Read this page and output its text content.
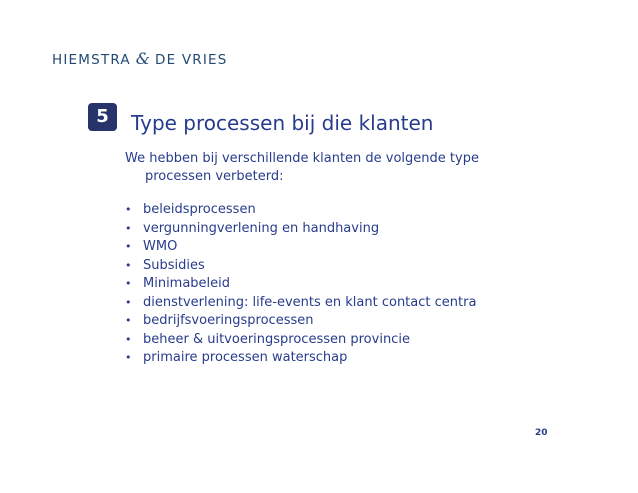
HIEMSTRA & DE VRIES
5	Type processen bij die klanten
We hebben bij verschillende klanten de volgende type
processen verbeterd:
• beleidsprocessen
• vergunningverlening en handhaving
• WMO
• Subsidies
• Minimabeleid
• dienstverlening: life-events en klant contact centra
• bedrijfsvoeringsprocessen
• beheer & uitvoeringsprocessen provincie
• primaire processen waterschap
20
